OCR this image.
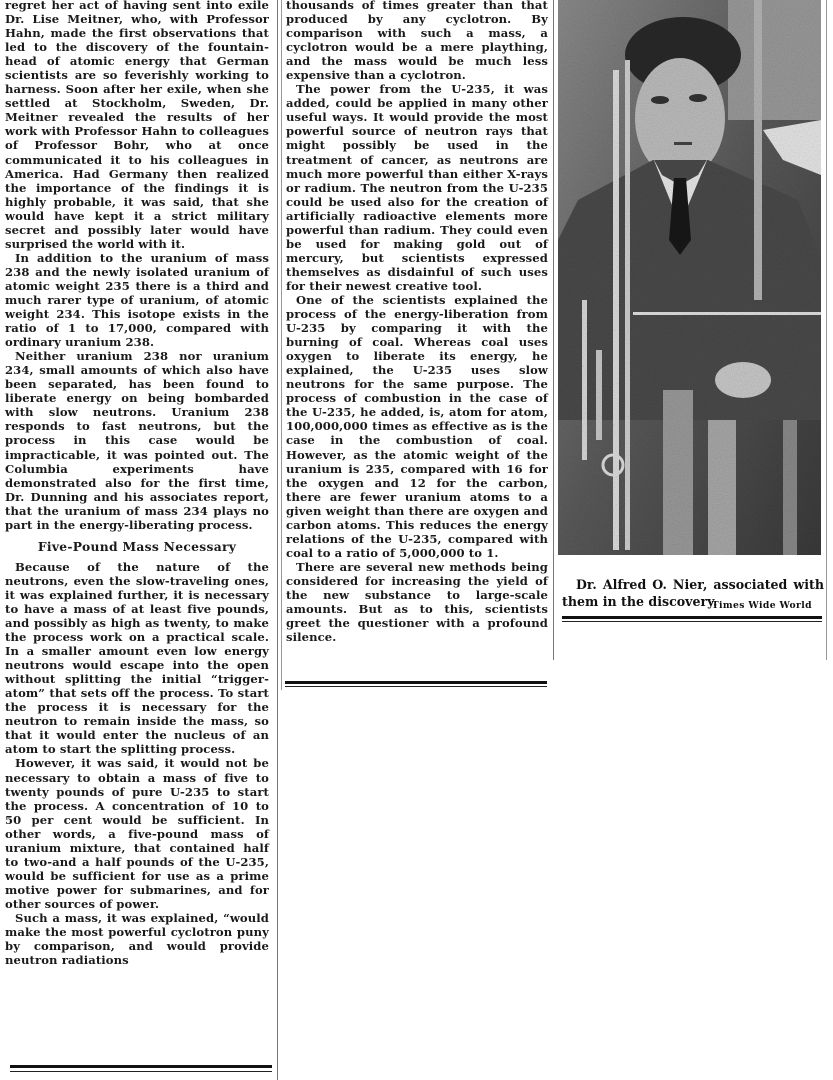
regret her act of having sent into exile Dr. Lise Meitner, who, with Professor Hahn, made the first observations that led to the discovery of the fountain-head of atomic energy that German scientists are so feverishly working to harness. Soon after her exile, when she settled at Stockholm, Sweden, Dr. Meitner revealed the results of her work with Professor Hahn to colleagues of Professor Bohr, who at once communicated it to his colleagues in America. Had Germany then realized the importance of the findings it is highly probable, it was said, that she would have kept it a strict military secret and possibly later would have surprised the world with it.

In addition to the uranium of mass 238 and the newly isolated uranium of atomic weight 235 there is a third and much rarer type of uranium, of atomic weight 234. This isotope exists in the ratio of 1 to 17,000, compared with ordinary uranium 238.

Neither uranium 238 nor uranium 234, small amounts of which also have been separated, has been found to liberate energy on being bombarded with slow neutrons. Uranium 238 responds to fast neutrons, but the process in this case would be impracticable, it was pointed out. The Columbia experiments have demonstrated also for the first time, Dr. Dunning and his associates report, that the uranium of mass 234 plays no part in the energy-liberating process.

Five-Pound Mass Necessary

Because of the nature of the neutrons, even the slow-traveling ones, it was explained further, it is necessary to have a mass of at least five pounds, and possibly as high as twenty, to make the process work on a practical scale. In a smaller amount even low energy neutrons would escape into the open without splitting the initial “trigger-atom” that sets off the process. To start the process it is necessary for the neutron to remain inside the mass, so that it would enter the nucleus of an atom to start the splitting process.

However, it was said, it would not be necessary to obtain a mass of five to twenty pounds of pure U-235 to start the process. A concentration of 10 to 50 per cent would be sufficient. In other words, a five-pound mass of uranium mixture, that contained half to two-and a half pounds of the U-235, would be sufficient for use as a prime motive power for submarines, and for other sources of power.

Such a mass, it was explained, “would make the most powerful cyclotron puny by comparison, and would provide neutron radiations

thousands of times greater than that produced by any cyclotron. By comparison with such a mass, a cyclotron would be a mere plaything, and the mass would be much less expensive than a cyclotron.

The power from the U-235, it was added, could be applied in many other useful ways. It would provide the most powerful source of neutron rays that might possibly be used in the treatment of cancer, as neutrons are much more powerful than either X-rays or radium. The neutron from the U-235 could be used also for the creation of artificially radioactive elements more powerful than radium. They could even be used for making gold out of mercury, but scientists expressed themselves as disdainful of such uses for their newest creative tool.

One of the scientists explained the process of the energy-liberation from U-235 by comparing it with the burning of coal. Whereas coal uses oxygen to liberate its energy, he explained, the U-235 uses slow neutrons for the same purpose. The process of combustion in the case of the U-235, he added, is, atom for atom, 100,000,000 times as effective as is the case in the combustion of coal. However, as the atomic weight of the uranium is 235, compared with 16 for the oxygen and 12 for the carbon, there are fewer uranium atoms to a given weight than there are oxygen and carbon atoms. This reduces the energy relations of the U-235, compared with coal to a ratio of 5,000,000 to 1.

There are several new methods being considered for increasing the yield of the new substance to large-scale amounts. But as to this, scientists greet the questioner with a profound silence.

Dr. Alfred O. Nier, associated with them in the discovery.

Times Wide World
